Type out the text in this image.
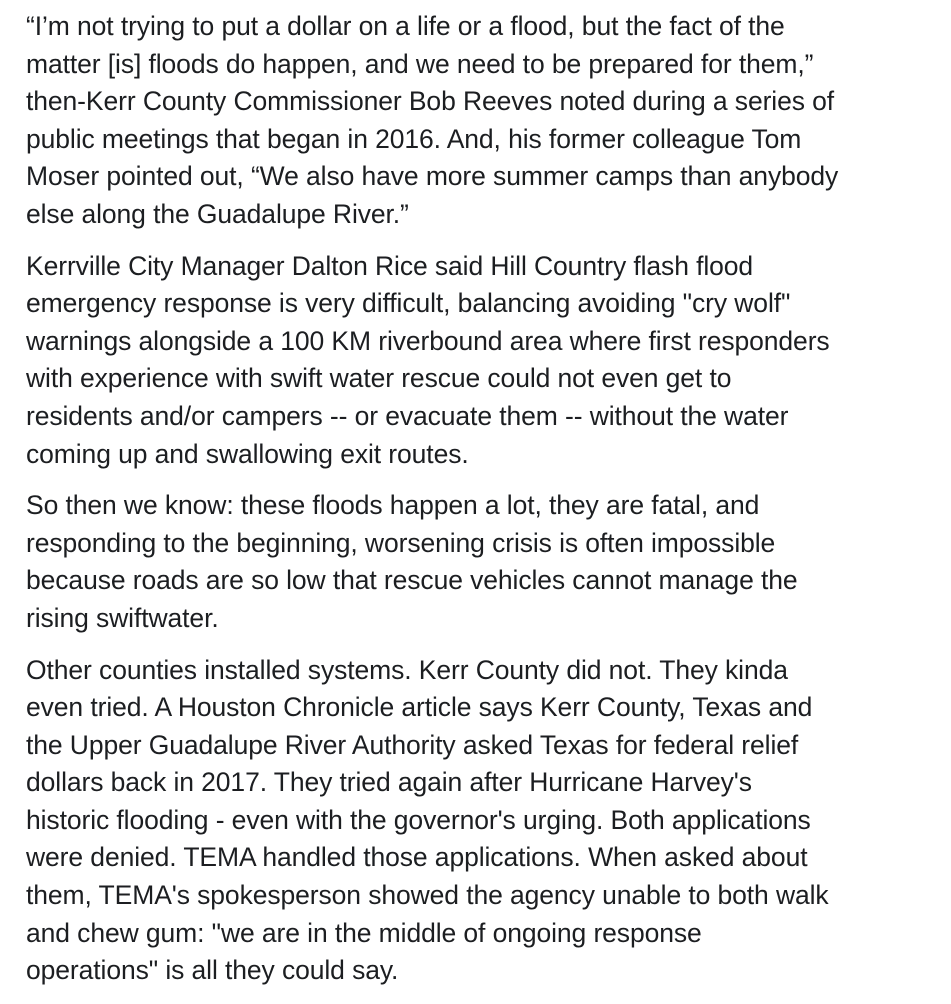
“I’m not trying to put a dollar on a life or a flood, but the fact of the
matter [is] floods do happen, and we need to be prepared for them,”
then-Kerr County Commissioner Bob Reeves noted during a series of
public meetings that began in 2016. And, his former colleague Tom
Moser pointed out, “We also have more summer camps than anybody
else along the Guadalupe River.”

Kerrville City Manager Dalton Rice said Hill Country flash flood
emergency response is very difficult, balancing avoiding "cry wolf"
warnings alongside a 100 KM riverbound area where first responders
with experience with swift water rescue could not even get to
residents and/or campers -- or evacuate them -- without the water
coming up and swallowing exit routes.

So then we know: these floods happen a lot, they are fatal, and
responding to the beginning, worsening crisis is often impossible
because roads are so low that rescue vehicles cannot manage the
rising swiftwater.

Other counties installed systems. Kerr County did not. They kinda
even tried. A Houston Chronicle article says Kerr County, Texas and
the Upper Guadalupe River Authority asked Texas for federal relief
dollars back in 2017. They tried again after Hurricane Harvey's
historic flooding - even with the governor's urging. Both applications
were denied. TEMA handled those applications. When asked about
them, TEMA's spokesperson showed the agency unable to both walk
and chew gum: "we are in the middle of ongoing response
operations" is all they could say.
